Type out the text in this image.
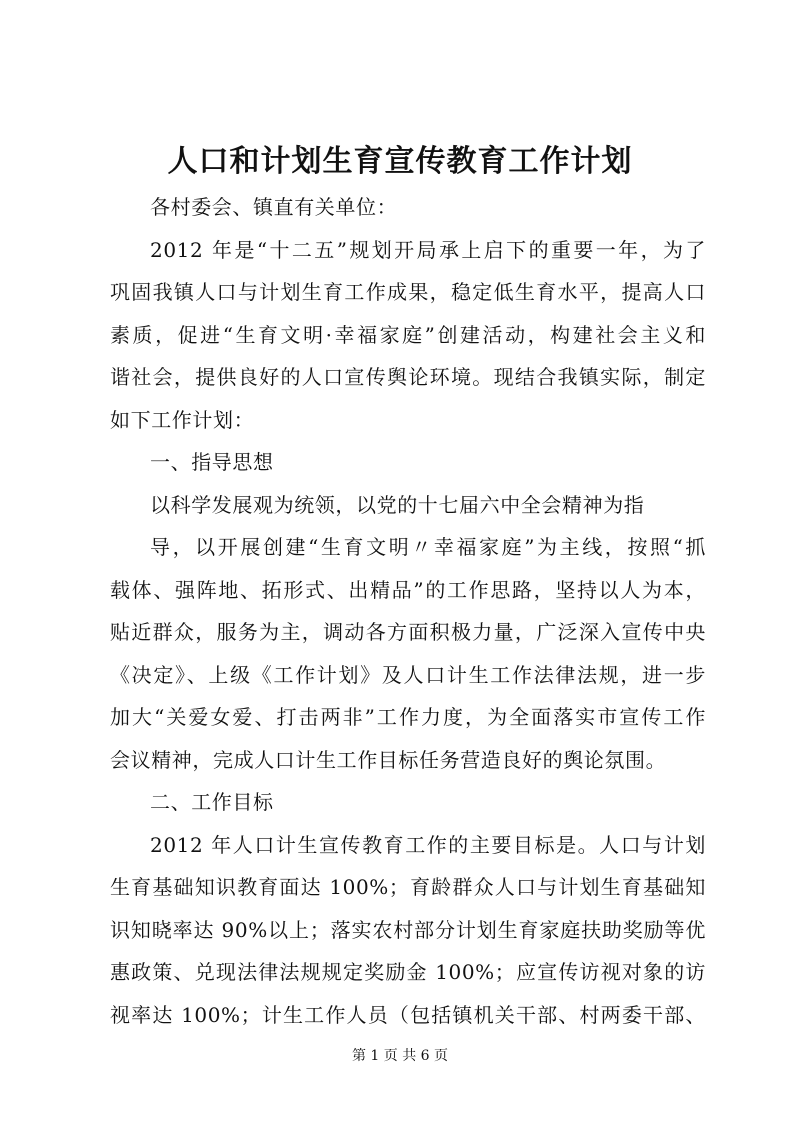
人口和计划生育宣传教育工作计划
各村委会、镇直有关单位：
2012 年是“十二五”规划开局承上启下的重要一年，为了
巩固我镇人口与计划生育工作成果，稳定低生育水平，提高人口
素质，促进“生育文明·幸福家庭”创建活动，构建社会主义和
谐社会，提供良好的人口宣传舆论环境。现结合我镇实际，制定
如下工作计划：
一、指导思想
以科学发展观为统领，以党的十七届六中全会精神为指
导，以开展创建“生育文明〃幸福家庭”为主线，按照“抓
载体、强阵地、拓形式、出精品”的工作思路，坚持以人为本，
贴近群众，服务为主，调动各方面积极力量，广泛深入宣传中央
《决定》、上级《工作计划》及人口计生工作法律法规，进一步
加大“关爱女爱、打击两非”工作力度，为全面落实市宣传工作
会议精神，完成人口计生工作目标任务营造良好的舆论氛围。
二、工作目标
2012 年人口计生宣传教育工作的主要目标是。人口与计划
生育基础知识教育面达 100%；育龄群众人口与计划生育基础知
识知晓率达 90%以上；落实农村部分计划生育家庭扶助奖励等优
惠政策、兑现法律法规规定奖励金 100%；应宣传访视对象的访
视率达 100%；计生工作人员（包括镇机关干部、村两委干部、
第 1 页 共 6 页
